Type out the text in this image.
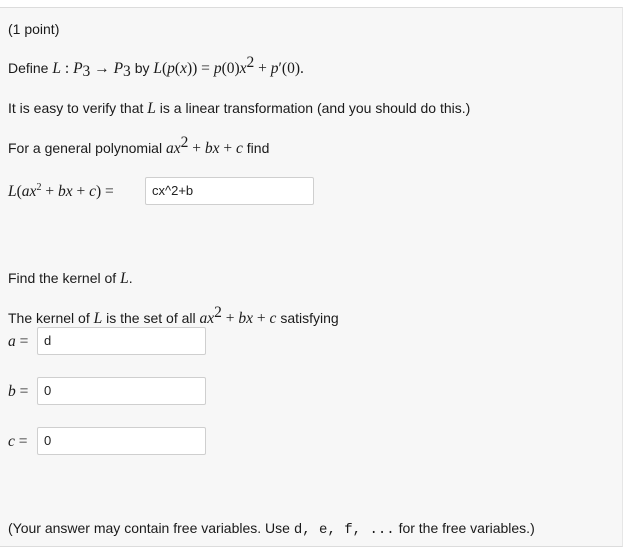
(1 point)
Define L : $P_3 \to P_3$ by $L(p(x)) = p(0)x^2 + p'(0)$.
It is easy to verify that L is a linear transformation (and you should do this.)
For a general polynomial $ax^2$ + bx + c find
$L(ax^2$ + bx + c) =	cx^2+b
Find the kernel of L.
The kernel of L is the set of all $ax^2$ + bx + c satisfying
a =	d
b =	0
c =	0
(Your answer may contain free variables. Use d, e, f, ... for the free variables.)
